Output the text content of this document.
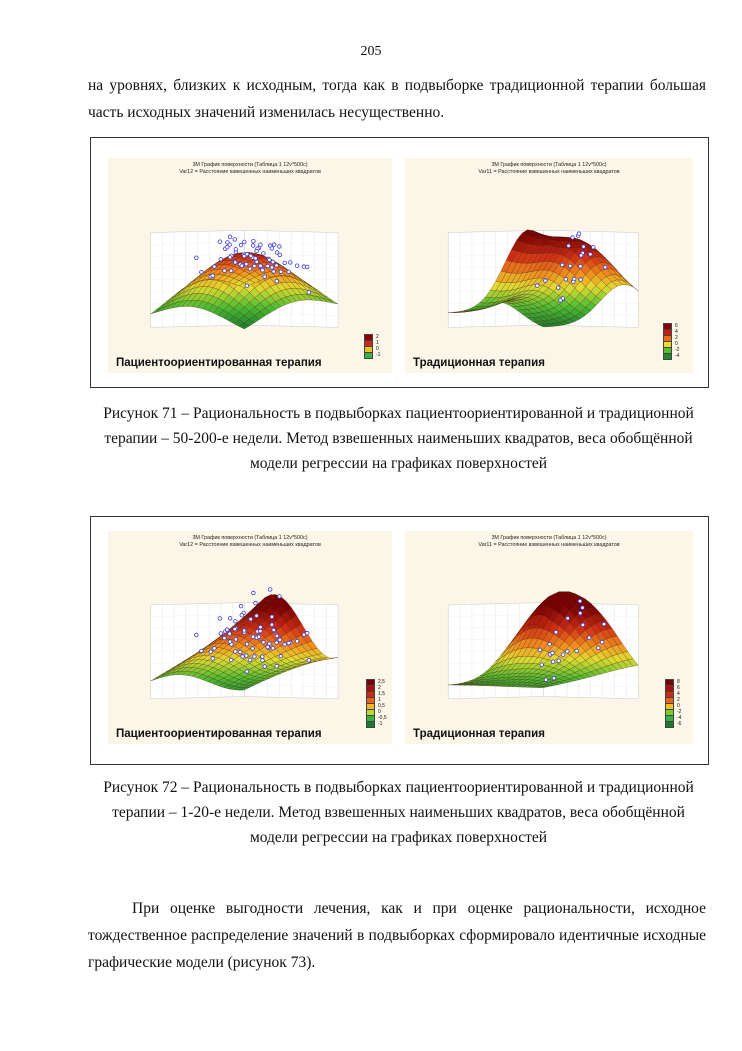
205

на уровнях, близких к исходным, тогда как в подвыборке традиционной терапии большая часть исходных значений изменилась несущественно.

3М График поверхности (Таблица 1 12v*500c)
Var12 = Расстояние взвешенных наименьших квадратов
2
1
0
-1
Пациентоориентированная терапия
3М График поверхности (Таблица 1 12v*500c)
Var11 = Расстояние взвешенных наименьших квадратов
6
4
2
0
-2
-4
Традиционная терапия
Рисунок 71 – Рациональность в подвыборках пациентоориентированной и традиционной терапии – 50-200-е недели. Метод взвешенных наименьших квадратов, веса обобщённой модели регрессии на графиках поверхностей
3М График поверхности (Таблица 1 12v*500c)
Var12 = Расстояние взвешенных наименьших квадратов
2,5
2
1,5
1
0,5
0
-0,5
-1
Пациентоориентированная терапия
3М График поверхности (Таблица 1 12v*500c)
Var11 = Расстояние взвешенных наименьших квадратов
8
6
4
2
0
-2
-4
-6
Традиционная терапия
Рисунок 72 – Рациональность в подвыборках пациентоориентированной и традиционной терапии – 1-20-е недели. Метод взвешенных наименьших квадратов, веса обобщённой модели регрессии на графиках поверхностей

При оценке выгодности лечения, как и при оценке рациональности, исходное тождественное распределение значений в подвыборках сформировало идентичные исходные графические модели (рисунок 73).
